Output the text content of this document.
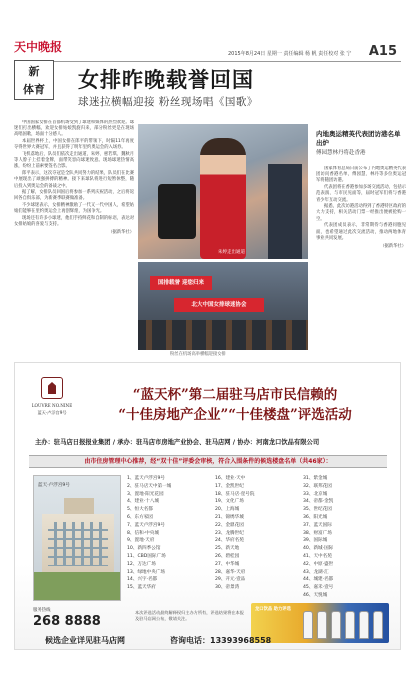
天中晚报	2015年8月24日 星期一 责任编辑 杨 帆 责任校对 张 宁 A15
新
体育	女排昨晚载誉回国
球迷拉横幅迎接 粉丝现场唱《国歌》

中国国家女排在首都机场受到了球迷和媒体的热烈欢迎。球迷们打出横幅，欢迎女排姑娘凯旋归来，部分粉丝更是在现场高唱国歌，场面十分感人。

本届世界杯上，中国女排在郎平的带领下，时隔11年再度夺得世界大赛冠军，并且获得了明年里约奥运会的入场券。

飞机落地后，队员们依次走出通道，朱婷、惠若琪、魏秋月等人脖子上挂着金牌，面带笑容向球迷致意。现场球迷热情高涨，纷纷上前索要签名合影。

郎平表示，这次夺冠是全队共同努力的结果，队员们在比赛中展现出了顽强拼搏的精神。接下来球队将进行短暂休整，随后投入到奥运会的备战之中。

据了解，女排队员回国后将参加一系列庆祝活动，之后将返回各自俱乐部，为新赛季联赛做准备。

不少球迷表示，女排精神激励了一代又一代中国人，希望姑娘们能够在里约奥运会上再创辉煌，为国争光。

现场还有许多小球迷，他们手持鲜花和自制的标语，表达对女排姑娘的喜爱与支持。

（据新华社）
朱婷走出通道
国排载誉 迎您归来
北大中国女排球迷协会
粉丝在机场高举横幅迎接女排
内地奥运精英代表团访港名单出炉
傅园慧林丹将赴香港

国家体育总局日前公布了内地奥运精英代表团访问香港名单，傅园慧、林丹等多位奥运冠军将随团访港。

代表团将在香港参加多场交流活动，包括示范表演、与市民见面等，届时冠军们将与香港青少年互动交流。

据悉，此次访港活动得到了香港特区政府的大力支持，相关活动门票一经推出便被抢购一空。

代表团成员表示，非常期待与香港同胞见面，也希望通过此次交流活动，推动两地体育事业共同发展。

（据新华社）
LOUVRE NO.NINE
蓝天·卢浮宫9号
“蓝天杯”第二届驻马店市民信赖的
“十佳房地产企业”“十佳楼盘”评选活动
主办：驻马店日报报业集团 / 承办：驻马店市房地产业协会、驻马店网 / 协办：河南龙口饮品有限公司
由市住房管理中心推荐，经“双十佳”评委会审核，符合入围条件的候选楼盘名单（共46家）：
蓝天·卢浮宫9号
1、蓝天卢浮宫9号
2、驻马店天中第一城
3、置地·阳光花园
4、建业·十八城
5、恒大名都
6、东方家园
7、蓝天卢浮宫9号
8、信和·中央城
9、置地·天府
10、新四季公馆
11、CBD国际广场
12、万达广场
13、绿地中央广场
14、兴宇·名都
15、蓝天华府
16、建业·天中
17、金凯世纪
18、驻马店·壹号院
19、文化广场
20、上海城
21、锦绣华城
22、金鼎花园
23、龙腾世纪
24、华府名苑
25、新天地
26、碧桂园
27、中华城
28、嘉华·天府
29、开元·壹品
30、帝景湾
31、紫金城
32、联邦花园
33、北京城
34、帝都·金凯
35、世纪花园
36、阳光城
37、蓝天国际
38、财富广场
39、国际城
40、新城·国际
41、天中名苑
42、中原·盛世
43、龙湖·汇
44、城建·名都
45、嘉禾·壹号
46、天悦城
服务热线
268 8888
本次评选活动最终解释权归主办方所有，评选结果将在本报及驻马店网公布，敬请关注。
龙口饮品 助力评选
候选企业详见驻马店网	咨询电话：13393968558
